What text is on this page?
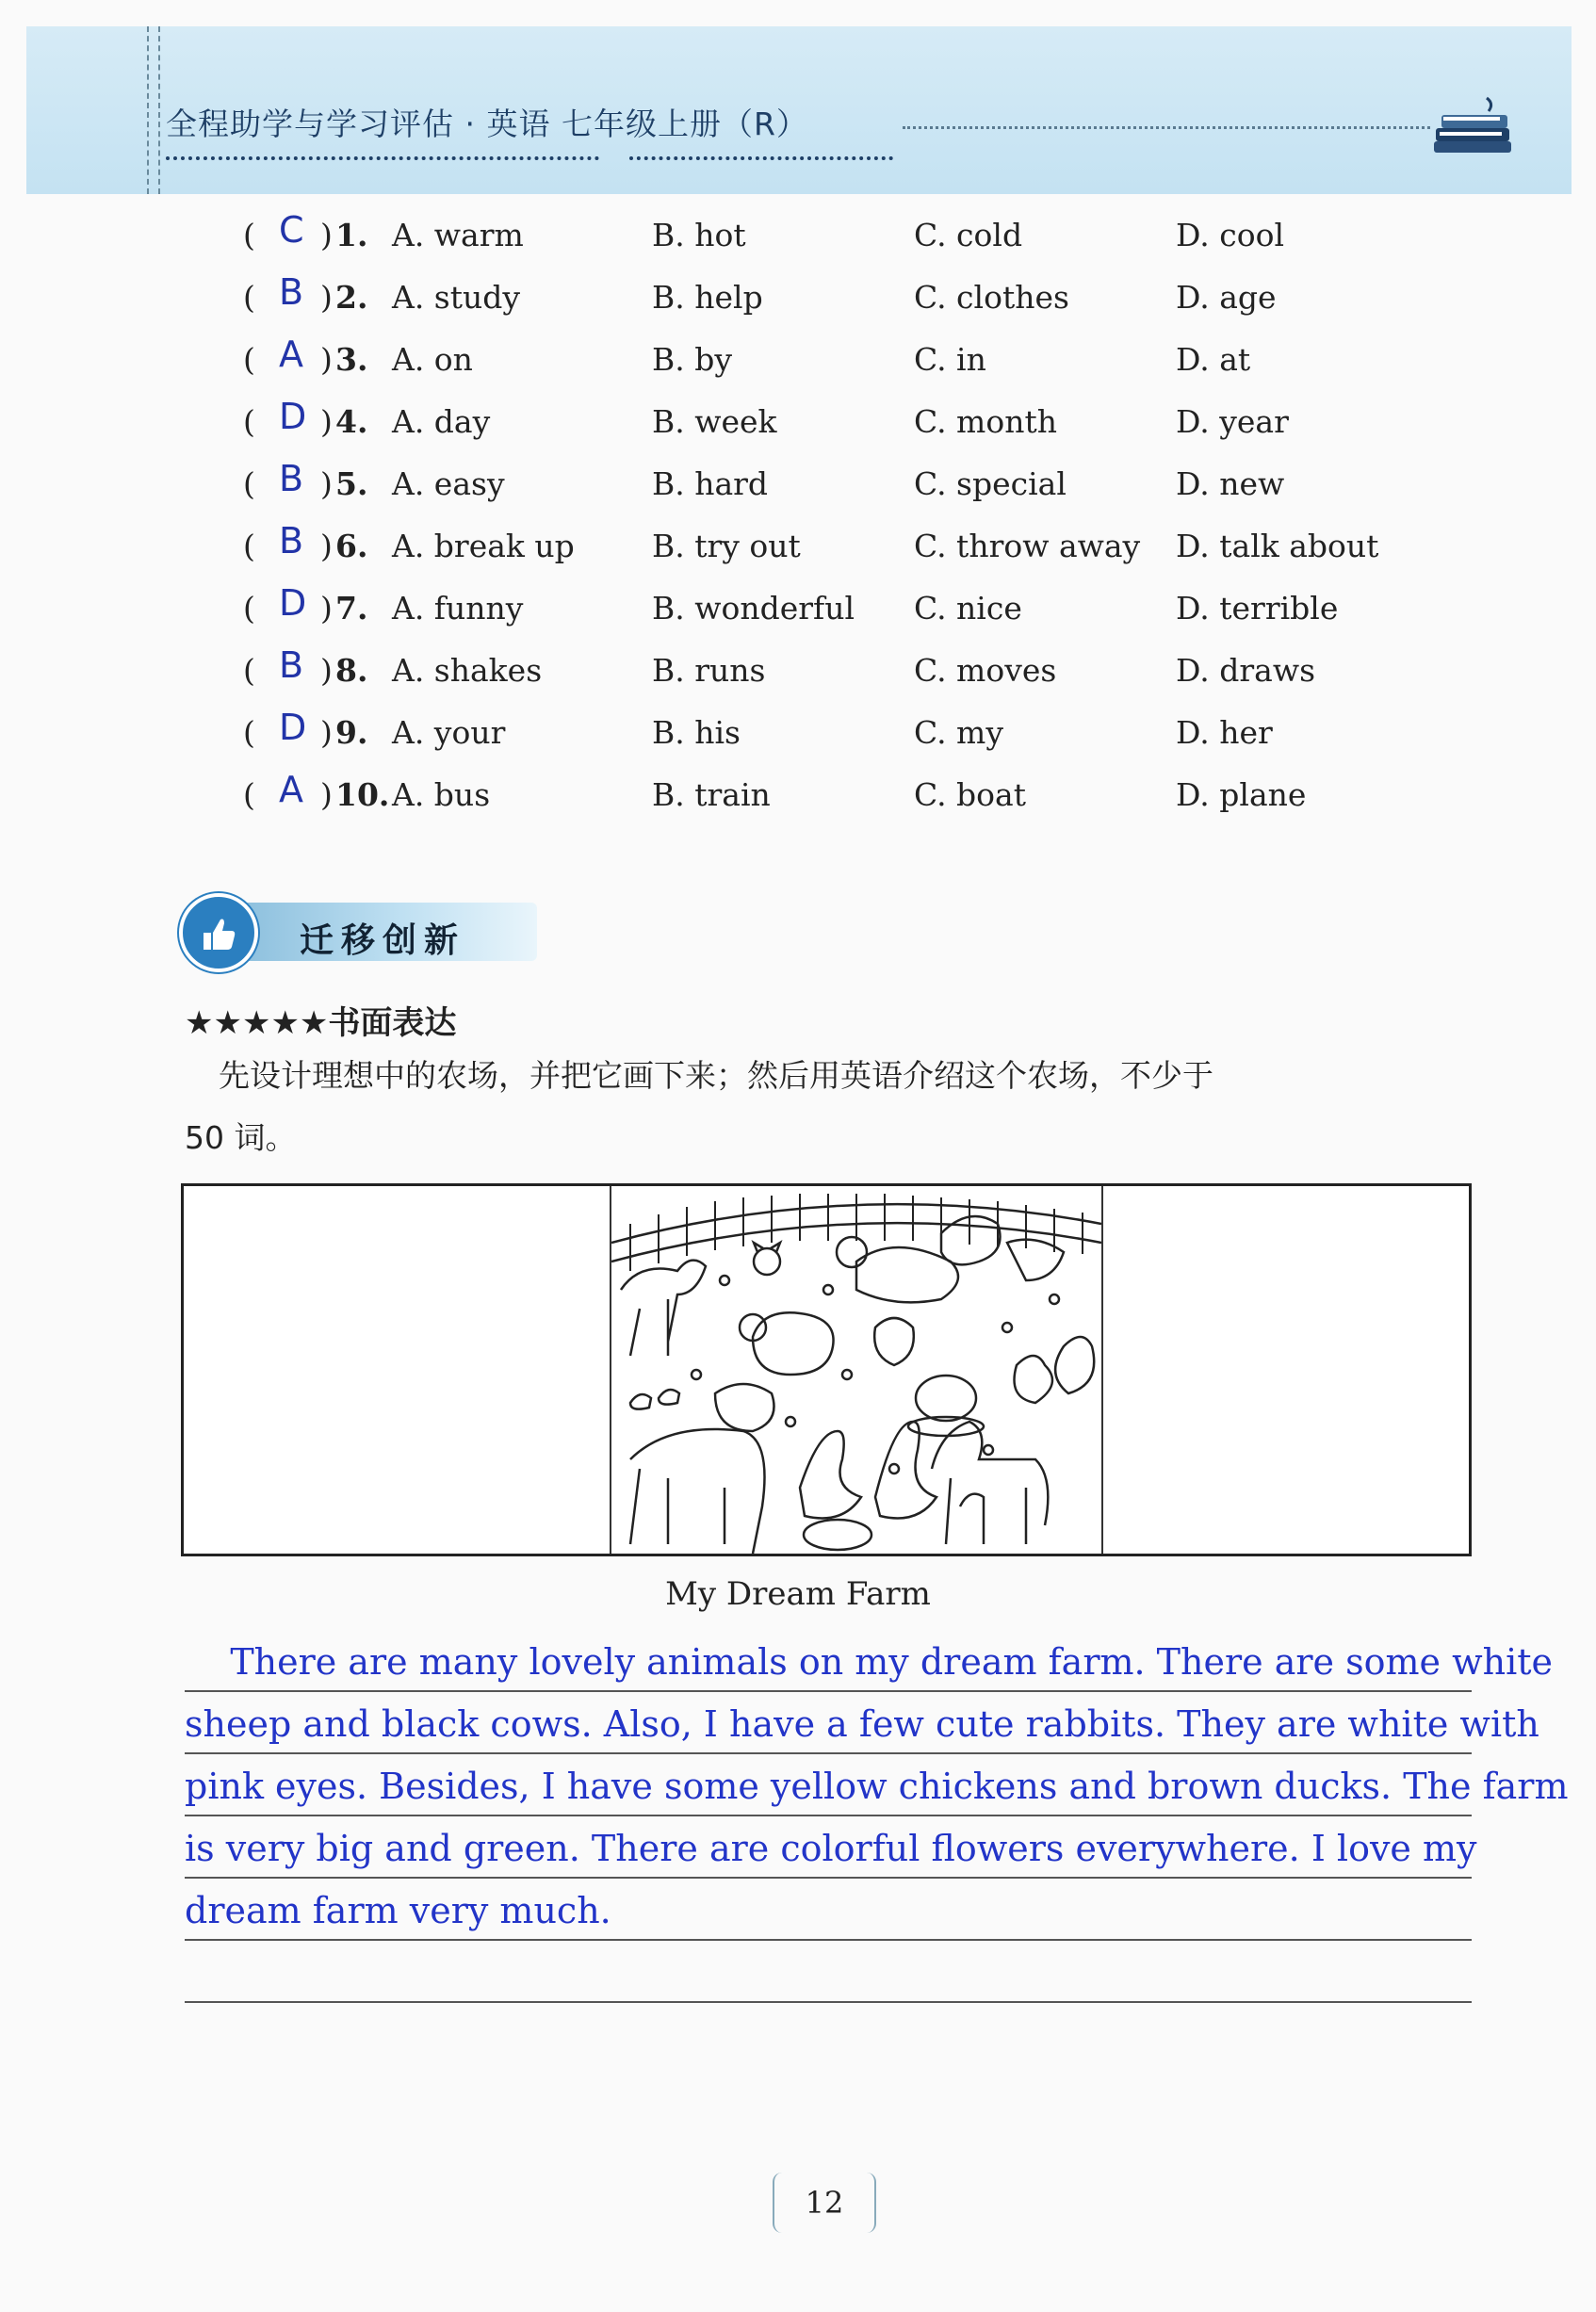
全程助学与学习评估 · 英语 七年级上册（R）
( C 1. A. warm	B. hot	C. cold	D. cool
)
( B 2. A. study	B. help	C. clothes	D. age
)
( A 3. A. on	B. by	C. in	D. at
)
( D 4. A. day	B. week	C. month	D. year
)
( B 5. A. easy	B. hard	C. special	D. new
)
( B 6. A. break up B. try out	C. throw away D. talk about
)
( D 7. A. funny	B. wonderful C. nice	D. terrible
)
( B 8. A. shakes	B. runs	C. moves	D. draws
)
( D 9. A. your	B. his	C. my	D. her
)
( A 10. A. bus	B. train	C. boat	D. plane
)
迁移创新
★★★★★书面表达
先设计理想中的农场，并把它画下来；然后用英语介绍这个农场，不少于
50 词。
My Dream Farm
There are many lovely animals on my dream farm. There are some white
sheep and black cows. Also, I have a few cute rabbits. They are white with
pink eyes. Besides, I have some yellow chickens and brown ducks. The farm
is very big and green. There are colorful flowers everywhere. I love my
dream farm very much.
12
